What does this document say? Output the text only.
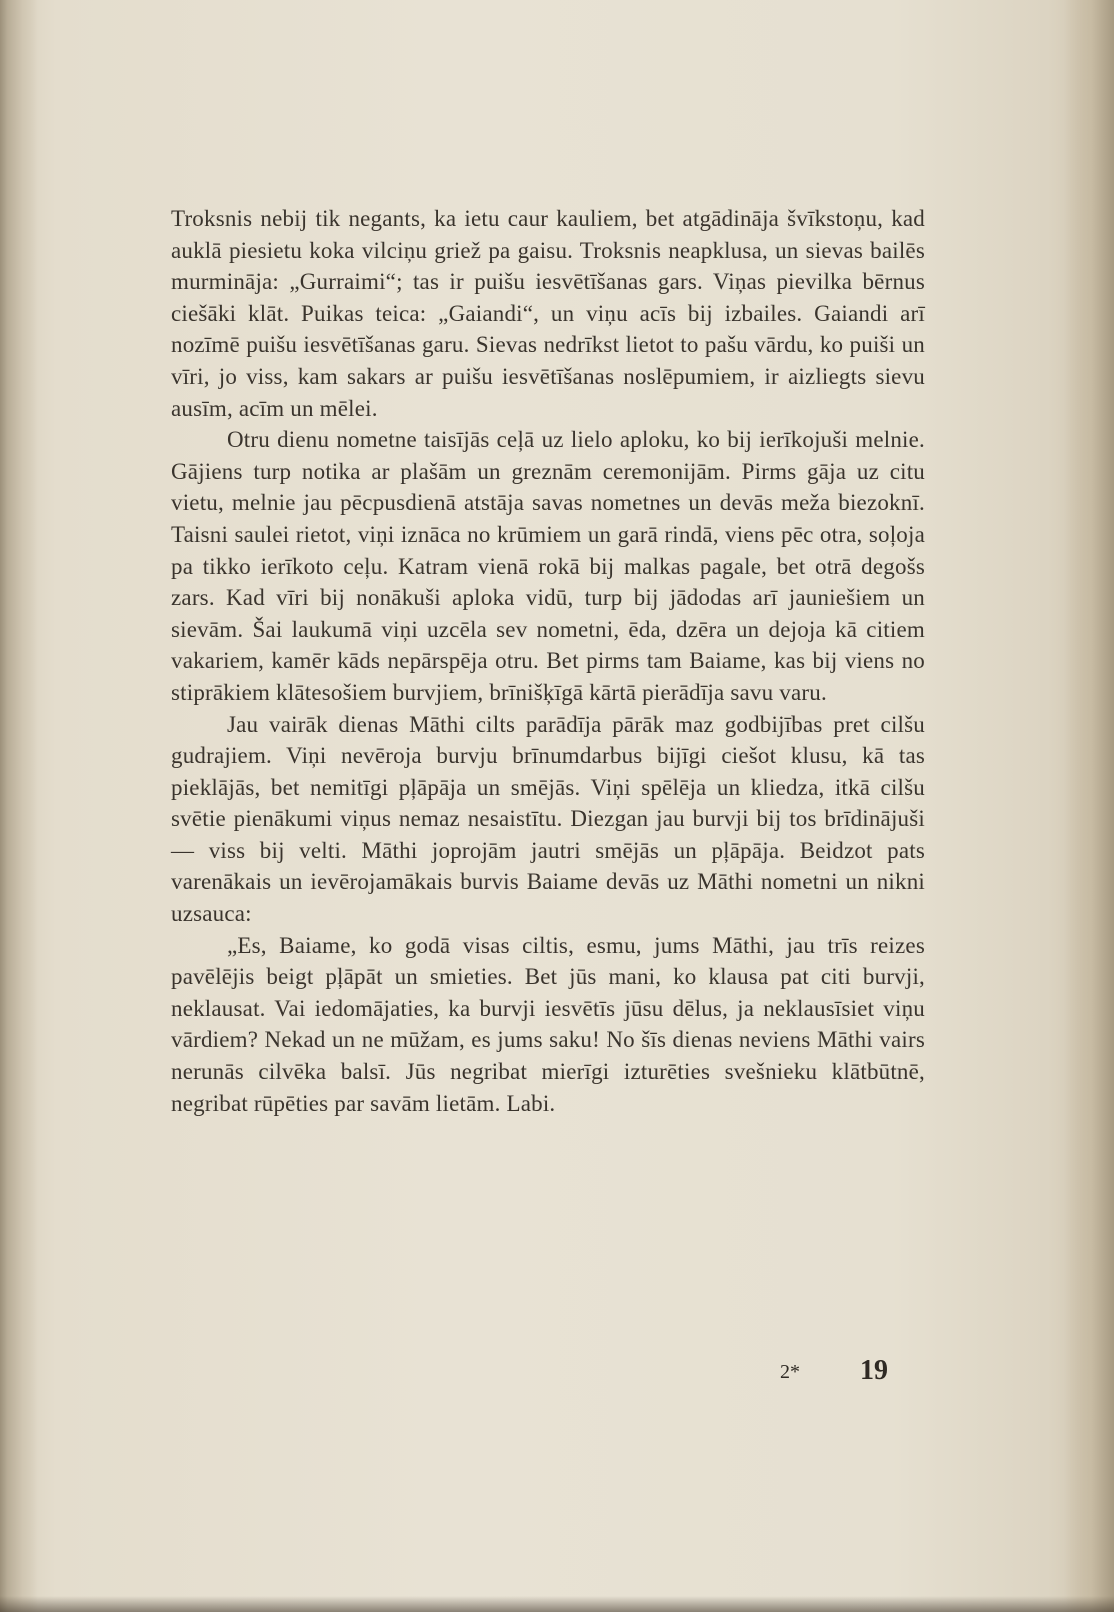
Troksnis nebij tik negants, ka ietu caur kauliem, bet atgādināja švīkstoņu, kad auklā piesietu koka vilciņu griež pa gaisu. Troksnis neapklusa, un sievas bailēs murmināja: „Gurraimi“; tas ir puišu iesvētīšanas gars. Viņas pievilka bērnus ciešāki klāt. Puikas teica: „Gaiandi“, un viņu acīs bij izbailes. Gaiandi arī nozīmē puišu iesvētīšanas garu. Sievas nedrīkst lietot to pašu vārdu, ko puiši un vīri, jo viss, kam sakars ar puišu iesvētīšanas noslēpumiem, ir aizliegts sievu ausīm, acīm un mēlei.

Otru dienu nometne taisījās ceļā uz lielo aploku, ko bij ierīkojuši melnie. Gājiens turp notika ar plašām un greznām ceremonijām. Pirms gāja uz citu vietu, melnie jau pēcpusdienā atstāja savas nometnes un devās meža biezoknī. Taisni saulei rietot, viņi iznāca no krūmiem un garā rindā, viens pēc otra, soļoja pa tikko ierīkoto ceļu. Katram vienā rokā bij malkas pagale, bet otrā degošs zars. Kad vīri bij nonākuši aploka vidū, turp bij jādodas arī jauniešiem un sievām. Šai laukumā viņi uzcēla sev nometni, ēda, dzēra un dejoja kā citiem vakariem, kamēr kāds nepārspēja otru. Bet pirms tam Baiame, kas bij viens no stiprākiem klātesošiem burvjiem, brīnišķīgā kārtā pierādīja savu varu.

Jau vairāk dienas Māthi cilts parādīja pārāk maz godbijības pret cilšu gudrajiem. Viņi nevēroja burvju brīnumdarbus bijīgi ciešot klusu, kā tas pieklājās, bet nemitīgi pļāpāja un smējās. Viņi spēlēja un kliedza, itkā cilšu svētie pienākumi viņus nemaz nesaistītu. Diezgan jau burvji bij tos brīdinājuši — viss bij velti. Māthi joprojām jautri smējās un pļāpāja. Beidzot pats varenākais un ievērojamākais burvis Baiame devās uz Māthi nometni un nikni uzsauca:

„Es, Baiame, ko godā visas ciltis, esmu, jums Māthi, jau trīs reizes pavēlējis beigt pļāpāt un smieties. Bet jūs mani, ko klausa pat citi burvji, neklausat. Vai iedomājaties, ka burvji iesvētīs jūsu dēlus, ja neklausīsiet viņu vārdiem? Nekad un ne mūžam, es jums saku! No šīs dienas neviens Māthi vairs nerunās cilvēka balsī. Jūs negribat mierīgi izturēties svešnieku klātbūtnē, negribat rūpēties par savām lietām. Labi.

2* 19
